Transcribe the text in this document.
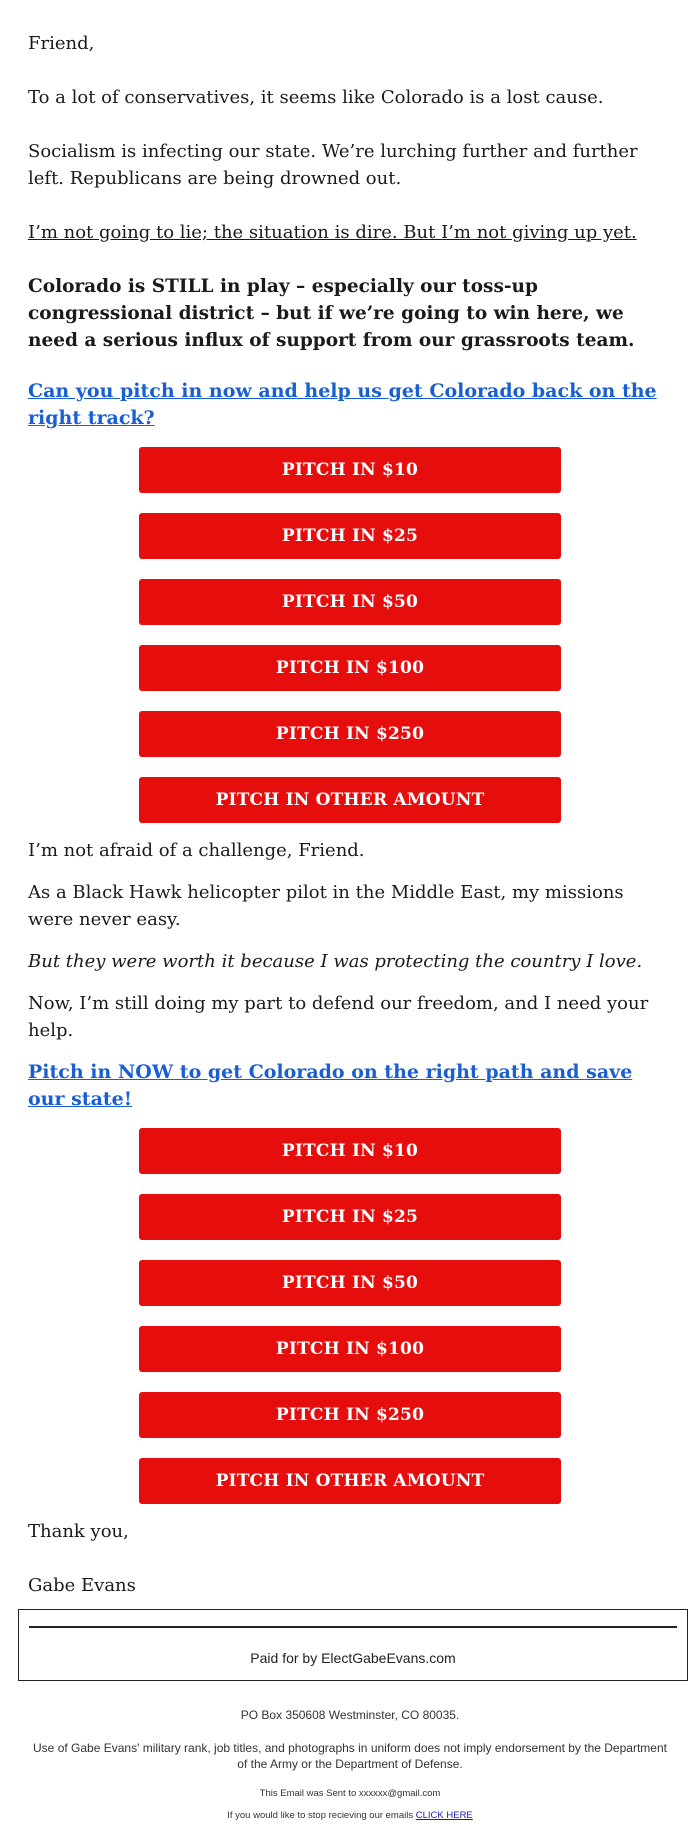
Friend,

To a lot of conservatives, it seems like Colorado is a lost cause.

Socialism is infecting our state. We’re lurching further and further left. Republicans are being drowned out.

I’m not going to lie; the situation is dire. But I’m not giving up yet.

Colorado is STILL in play – especially our toss-up congressional district – but if we’re going to win here, we need a serious influx of support from our grassroots team.

Can you pitch in now and help us get Colorado back on the right track?
PITCH IN $10
PITCH IN $25
PITCH IN $50
PITCH IN $100
PITCH IN $250
PITCH IN OTHER AMOUNT

I’m not afraid of a challenge, Friend.

As a Black Hawk helicopter pilot in the Middle East, my missions were never easy.

But they were worth it because I was protecting the country I love.

Now, I’m still doing my part to defend our freedom, and I need your help.

Pitch in NOW to get Colorado on the right path and save our state!
PITCH IN $10
PITCH IN $25
PITCH IN $50
PITCH IN $100
PITCH IN $250
PITCH IN OTHER AMOUNT

Thank you,

Gabe Evans

Paid for by ElectGabeEvans.com
PO Box 350608 Westminster, CO 80035.
Use of Gabe Evans' military rank, job titles, and photographs in uniform does not imply endorsement by the Department of the Army or the Department of Defense.
This Email was Sent to xxxxxx@gmail.com
If you would like to stop recieving our emails CLICK HERE
